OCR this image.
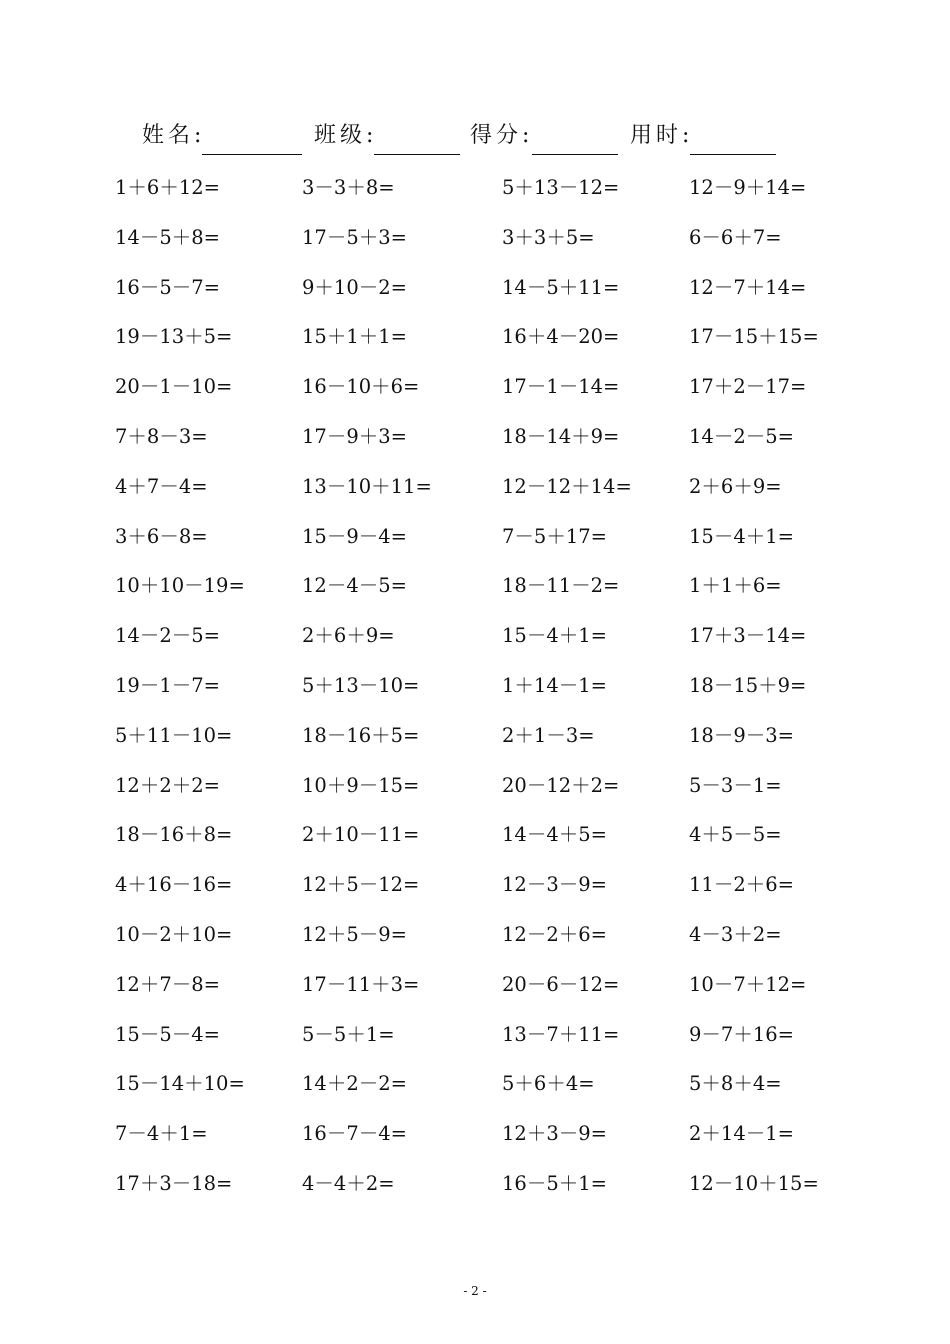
姓名:	班级:	得分:	用时:
1＋6＋12=	3－3＋8=	5＋13－12=	12－9＋14=
14－5＋8=	17－5＋3=	3＋3＋5=	6－6＋7=
16－5－7=	9＋10－2=	14－5＋11=	12－7＋14=
19－13＋5=	15＋1＋1=	16＋4－20=	17－15＋15=
20－1－10=	16－10＋6=	17－1－14=	17＋2－17=
7＋8－3=	17－9＋3=	18－14＋9=	14－2－5=
4＋7－4=	13－10＋11=	12－12＋14=	2＋6＋9=
3＋6－8=	15－9－4=	7－5＋17=	15－4＋1=
10＋10－19=	12－4－5=	18－11－2=	1＋1＋6=
14－2－5=	2＋6＋9=	15－4＋1=	17＋3－14=
19－1－7=	5＋13－10=	1＋14－1=	18－15＋9=
5＋11－10=	18－16＋5=	2＋1－3=	18－9－3=
12＋2＋2=	10＋9－15=	20－12＋2=	5－3－1=
18－16＋8=	2＋10－11=	14－4＋5=	4＋5－5=
4＋16－16=	12＋5－12=	12－3－9=	11－2＋6=
10－2＋10=	12＋5－9=	12－2＋6=	4－3＋2=
12＋7－8=	17－11＋3=	20－6－12=	10－7＋12=
15－5－4=	5－5＋1=	13－7＋11=	9－7＋16=
15－14＋10=	14＋2－2=	5＋6＋4=	5＋8＋4=
7－4＋1=	16－7－4=	12＋3－9=	2＋14－1=
17＋3－18=	4－4＋2=	16－5＋1=	12－10＋15=
- 2 -
